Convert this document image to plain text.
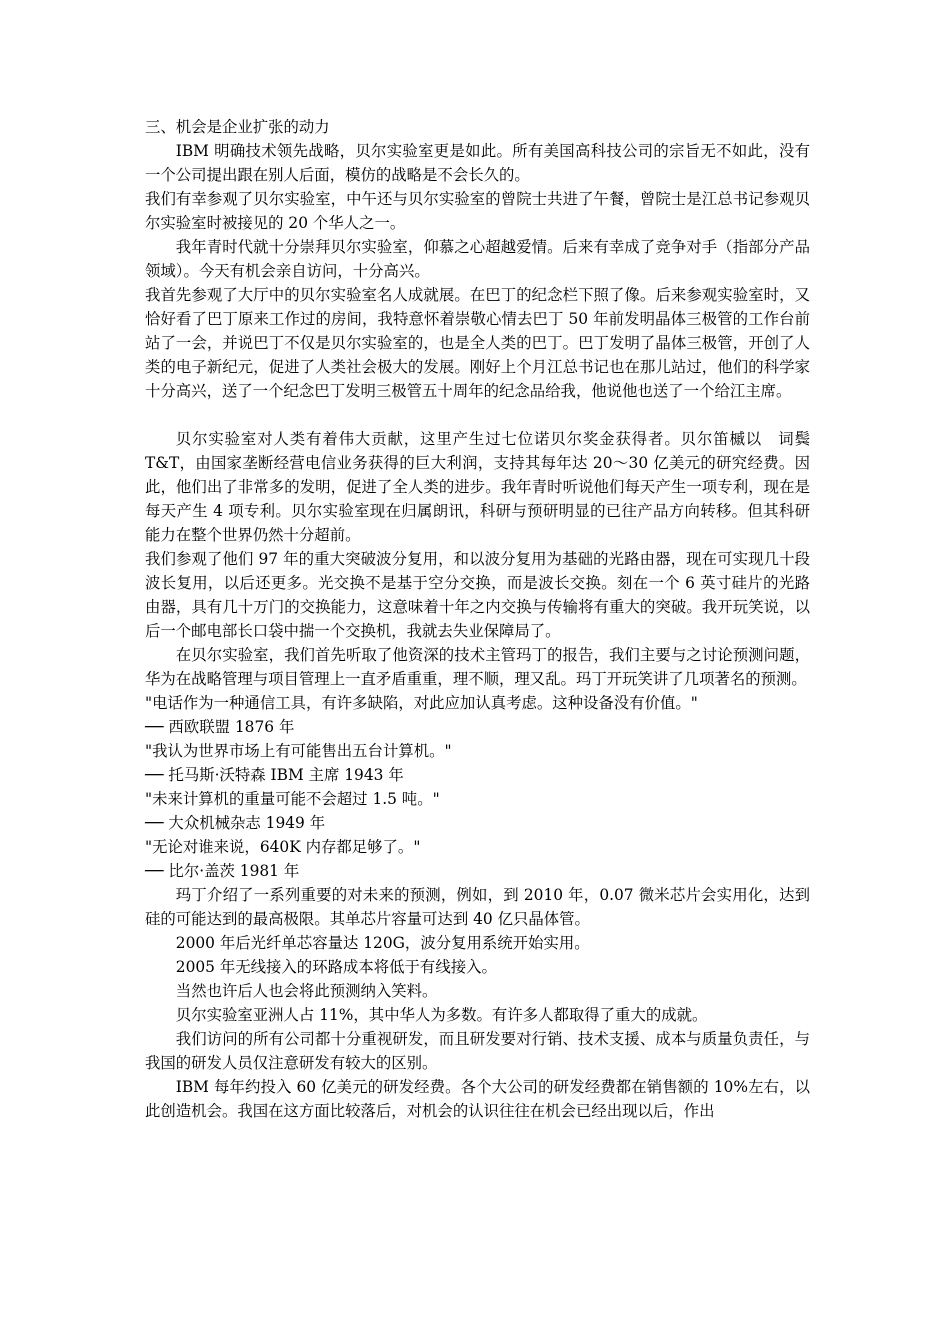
三、机会是企业扩张的动力

IBM 明确技术领先战略，贝尔实验室更是如此。所有美国高科技公司的宗旨无不如此，没有一个公司提出跟在别人后面，模仿的战略是不会长久的。

我们有幸参观了贝尔实验室，中午还与贝尔实验室的曾院士共进了午餐，曾院士是江总书记参观贝尔实验室时被接见的 20 个华人之一。

我年青时代就十分崇拜贝尔实验室，仰慕之心超越爱情。后来有幸成了竞争对手（指部分产品领域）。今天有机会亲自访问，十分高兴。

我首先参观了大厅中的贝尔实验室名人成就展。在巴丁的纪念栏下照了像。后来参观实验室时，又恰好看了巴丁原来工作过的房间，我特意怀着崇敬心情去巴丁 50 年前发明晶体三极管的工作台前站了一会，并说巴丁不仅是贝尔实验室的，也是全人类的巴丁。巴丁发明了晶体三极管，开创了人类的电子新纪元，促进了人类社会极大的发展。刚好上个月江总书记也在那儿站过，他们的科学家十分高兴，送了一个纪念巴丁发明三极管五十周年的纪念品给我，他说他也送了一个给江主席。

贝尔实验室对人类有着伟大贡献，这里产生过七位诺贝尔奖金获得者。贝尔笛槭以　词鬓 T&T，由国家垄断经营电信业务获得的巨大利润，支持其每年达 20～30 亿美元的研究经费。因此，他们出了非常多的发明，促进了全人类的进步。我年青时听说他们每天产生一项专利，现在是每天产生 4 项专利。贝尔实验室现在归属朗讯，科研与预研明显的已往产品方向转移。但其科研能力在整个世界仍然十分超前。

我们参观了他们 97 年的重大突破波分复用，和以波分复用为基础的光路由器，现在可实现几十段波长复用，以后还更多。光交换不是基于空分交换，而是波长交换。刻在一个 6 英寸硅片的光路由器，具有几十万门的交换能力，这意味着十年之内交换与传输将有重大的突破。我开玩笑说，以后一个邮电部长口袋中揣一个交换机，我就去失业保障局了。

在贝尔实验室，我们首先听取了他资深的技术主管玛丁的报告，我们主要与之讨论预测问题，华为在战略管理与项目管理上一直矛盾重重，理不顺，理又乱。玛丁开玩笑讲了几项著名的预测。

"电话作为一种通信工具，有许多缺陷，对此应加认真考虑。这种设备没有价值。"

── 西欧联盟 1876 年

"我认为世界市场上有可能售出五台计算机。"

── 托马斯·沃特森 IBM 主席 1943 年

"未来计算机的重量可能不会超过 1.5 吨。"

── 大众机械杂志 1949 年

"无论对谁来说，640K 内存都足够了。"

── 比尔·盖茨 1981 年

玛丁介绍了一系列重要的对未来的预测，例如，到 2010 年，0.07 微米芯片会实用化，达到硅的可能达到的最高极限。其单芯片容量可达到 40 亿只晶体管。

2000 年后光纤单芯容量达 120G，波分复用系统开始实用。

2005 年无线接入的环路成本将低于有线接入。

当然也许后人也会将此预测纳入笑料。

贝尔实验室亚洲人占 11%，其中华人为多数。有许多人都取得了重大的成就。

我们访问的所有公司都十分重视研发，而且研发要对行销、技术支援、成本与质量负责任，与我国的研发人员仅注意研发有较大的区别。

IBM 每年约投入 60 亿美元的研发经费。各个大公司的研发经费都在销售额的 10%左右，以此创造机会。我国在这方面比较落后，对机会的认识往往在机会已经出现以后，作出
